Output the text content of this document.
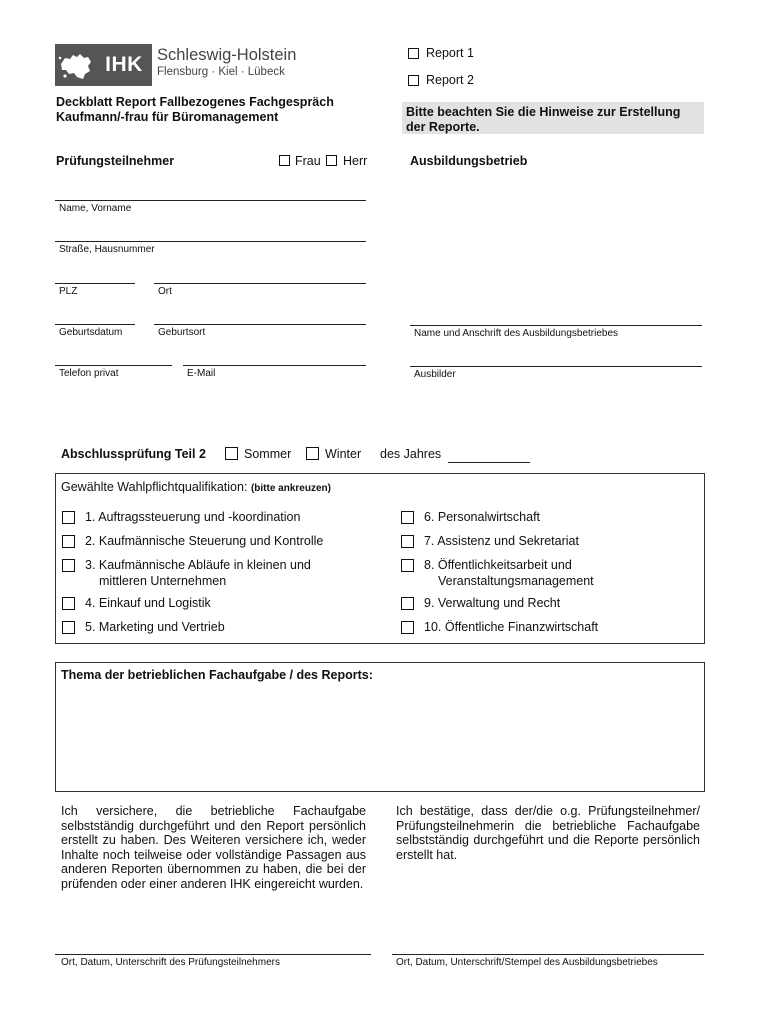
IHK Schleswig-Holstein
Flensburg · Kiel · Lübeck
Report 1
Report 2
Deckblatt Report Fallbezogenes Fachgespräch
Kaufmann/-frau für Büromanagement	Bitte beachten Sie die Hinweise zur Erstellung
der Reporte.
Prüfungsteilnehmer	Frau Herr	Ausbildungsbetrieb
Name, Vorname
Straße, Hausnummer
PLZ	Ort
Geburtsdatum	Geburtsort
Telefon privat	E-Mail
Name und Anschrift des Ausbildungsbetriebes
Ausbilder
Abschlussprüfung Teil 2	Sommer	Winter des Jahres
Gewählte Wahlpflichtqualifikation: (bitte ankreuzen)
1. Auftragssteuerung und -koordination
2. Kaufmännische Steuerung und Kontrolle
3. Kaufmännische Abläufe in kleinen und
mittleren Unternehmen
4. Einkauf und Logistik
5. Marketing und Vertrieb
6. Personalwirtschaft
7. Assistenz und Sekretariat
8. Öffentlichkeitsarbeit und
Veranstaltungsmanagement
9. Verwaltung und Recht
10. Öffentliche Finanzwirtschaft
Thema der betrieblichen Fachaufgabe / des Reports:
Ich versichere, die betriebliche Fachaufgabe selbstständig durchgeführt und den Report persönlich erstellt zu haben. Des Weiteren versichere ich, weder Inhalte noch teilweise oder vollständige Passagen aus anderen Reporten übernommen zu haben, die bei der prüfenden oder einer anderen IHK eingereicht wurden.
Ich bestätige, dass der/die o.g. Prüfungsteilnehmer/ Prüfungsteilnehmerin die betriebliche Fachaufgabe selbstständig durchgeführt und die Reporte persönlich erstellt hat.
Ort, Datum, Unterschrift des Prüfungsteilnehmers	Ort, Datum, Unterschrift/Stempel des Ausbildungsbetriebes
